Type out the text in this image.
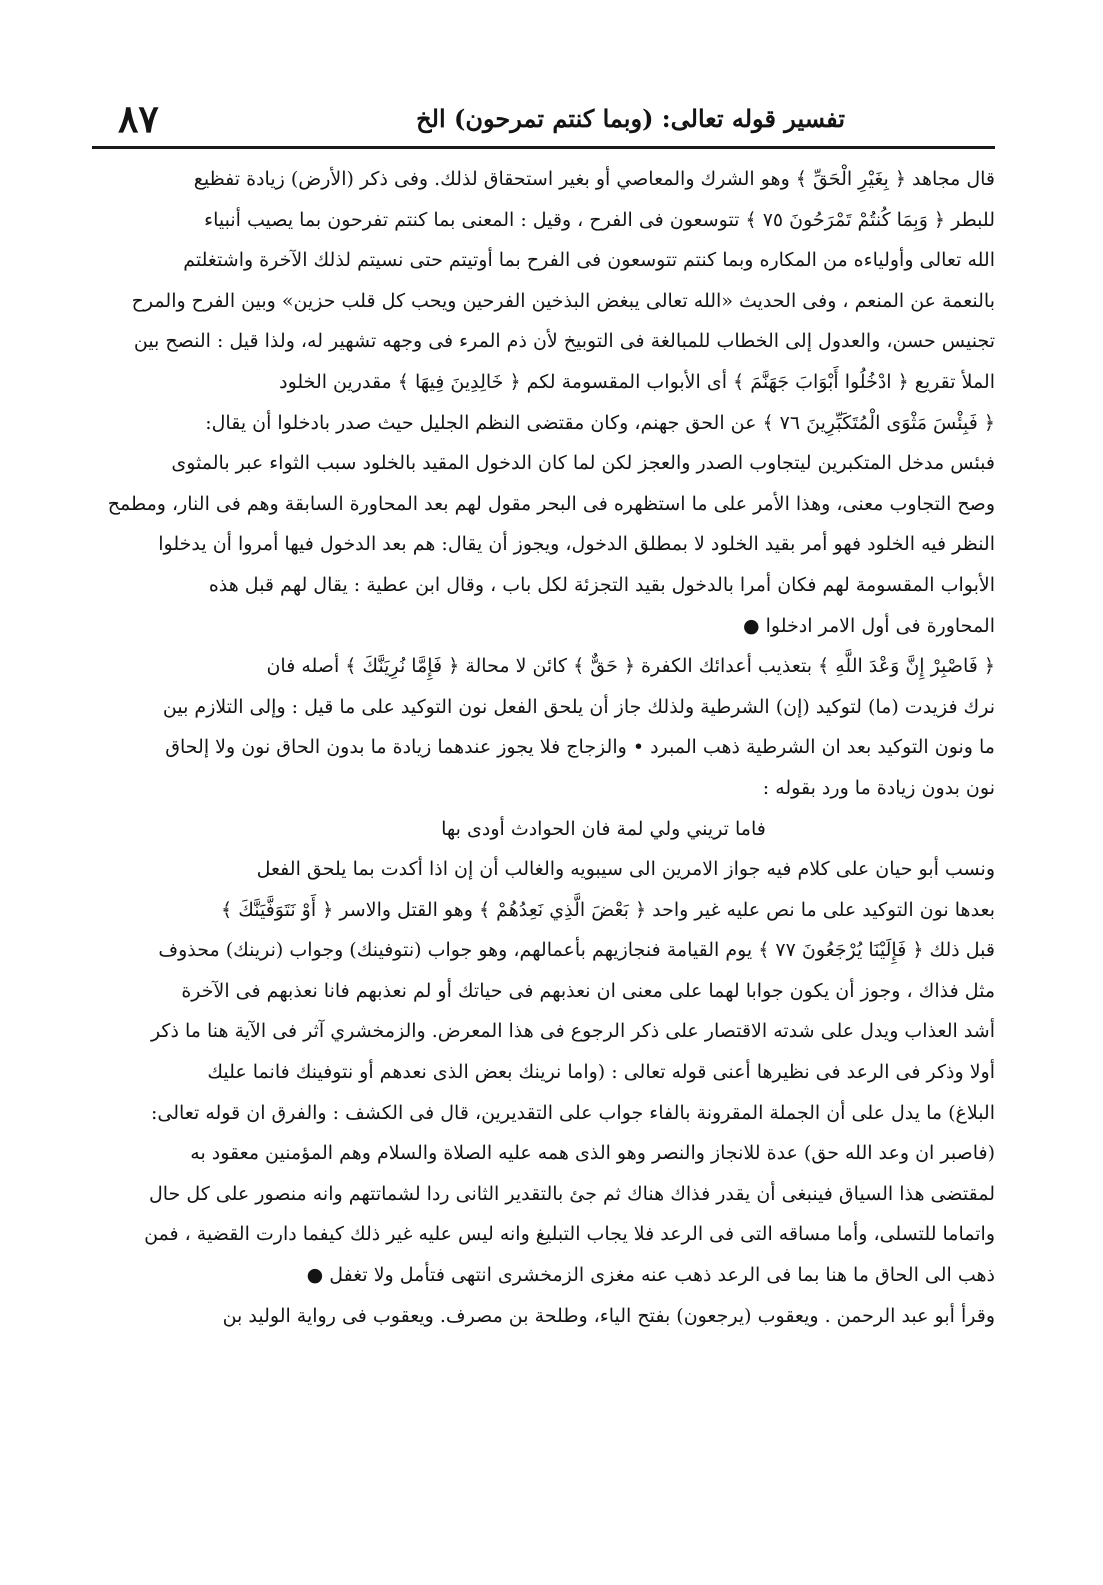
تفسير قوله تعالى: (وبما كنتم تمرحون) الخ
٨٧
قال مجاهد ﴿ بِغَيْرِ الْحَقِّ ﴾ وهو الشرك والمعاصي أو بغير استحقاق لذلك. وفى ذكر (الأرض) زيادة تفظيع
للبطر ﴿ وَبِمَا كُنتُمْ تَمْرَحُونَ ٧٥ ﴾ تتوسعون فى الفرح ، وقيل : المعنى بما كنتم تفرحون بما يصيب أنبياء
الله تعالى وأولياءه من المكاره وبما كنتم تتوسعون فى الفرح بما أوتيتم حتى نسيتم لذلك الآخرة واشتغلتم
بالنعمة عن المنعم ، وفى الحديث «الله تعالى يبغض البذخين الفرحين ويحب كل قلب حزين» وبين الفرح والمرح
تجنيس حسن، والعدول إلى الخطاب للمبالغة فى التوبيخ لأن ذم المرء فى وجهه تشهير له، ولذا قيل : النصح بين
الملأ تقريع ﴿ ادْخُلُوا أَبْوَابَ جَهَنَّمَ ﴾ أى الأبواب المقسومة لكم ﴿ خَالِدِينَ فِيهَا ﴾ مقدرين الخلود
﴿ فَبِئْسَ مَثْوَى الْمُتَكَبِّرِينَ ٧٦ ﴾ عن الحق جهنم، وكان مقتضى النظم الجليل حيث صدر بادخلوا أن يقال:
فبئس مدخل المتكبرين ليتجاوب الصدر والعجز لكن لما كان الدخول المقيد بالخلود سبب الثواء عبر بالمثوى
وصح التجاوب معنى، وهذا الأمر على ما استظهره فى البحر مقول لهم بعد المحاورة السابقة وهم فى النار، ومطمح
النظر فيه الخلود فهو أمر بقيد الخلود لا بمطلق الدخول، ويجوز أن يقال: هم بعد الدخول فيها أمروا أن يدخلوا
الأبواب المقسومة لهم فكان أمرا بالدخول بقيد التجزئة لكل باب ، وقال ابن عطية : يقال لهم قبل هذه
المحاورة فى أول الامر ادخلوا ●
﴿ فَاصْبِرْ إِنَّ وَعْدَ اللَّهِ ﴾ بتعذيب أعدائك الكفرة ﴿ حَقٌّ ﴾ كائن لا محالة ﴿ فَإِمَّا نُرِيَنَّكَ ﴾ أصله فان
نرك فزيدت (ما) لتوكيد (إن) الشرطية ولذلك جاز أن يلحق الفعل نون التوكيد على ما قيل : وإلى التلازم بين
ما ونون التوكيد بعد ان الشرطية ذهب المبرد • والزجاج فلا يجوز عندهما زيادة ما بدون الحاق نون ولا إلحاق
نون بدون زيادة ما ورد بقوله :
فاما تريني ولي لمة فان الحوادث أودى بها
ونسب أبو حيان على كلام فيه جواز الامرين الى سيبويه والغالب أن إن اذا أكدت بما يلحق الفعل
بعدها نون التوكيد على ما نص عليه غير واحد ﴿ بَعْضَ الَّذِي نَعِدُهُمْ ﴾ وهو القتل والاسر ﴿ أَوْ نَتَوَفَّيَنَّكَ ﴾
قبل ذلك ﴿ فَإِلَيْنَا يُرْجَعُونَ ٧٧ ﴾ يوم القيامة فنجازيهم بأعمالهم، وهو جواب (نتوفينك) وجواب (نرينك) محذوف
مثل فذاك ، وجوز أن يكون جوابا لهما على معنى ان نعذبهم فى حياتك أو لم نعذبهم فانا نعذبهم فى الآخرة
أشد العذاب ويدل على شدته الاقتصار على ذكر الرجوع فى هذا المعرض. والزمخشري آثر فى الآية هنا ما ذكر
أولا وذكر فى الرعد فى نظيرها أعنى قوله تعالى : (واما نرينك بعض الذى نعدهم أو نتوفينك فانما عليك
البلاغ) ما يدل على أن الجملة المقرونة بالفاء جواب على التقديرين، قال فى الكشف : والفرق ان قوله تعالى:
(فاصبر ان وعد الله حق) عدة للانجاز والنصر وهو الذى همه عليه الصلاة والسلام وهم المؤمنين معقود به
لمقتضى هذا السياق فينبغى أن يقدر فذاك هناك ثم جئ بالتقدير الثانى ردا لشماتتهم وانه منصور على كل حال
واتماما للتسلى، وأما مساقه التى فى الرعد فلا يجاب التبليغ وانه ليس عليه غير ذلك كيفما دارت القضية ، فمن
ذهب الى الحاق ما هنا بما فى الرعد ذهب عنه مغزى الزمخشرى انتهى فتأمل ولا تغفل ●
وقرأ أبو عبد الرحمن . ويعقوب (يرجعون) بفتح الياء، وطلحة بن مصرف. ويعقوب فى رواية الوليد بن
